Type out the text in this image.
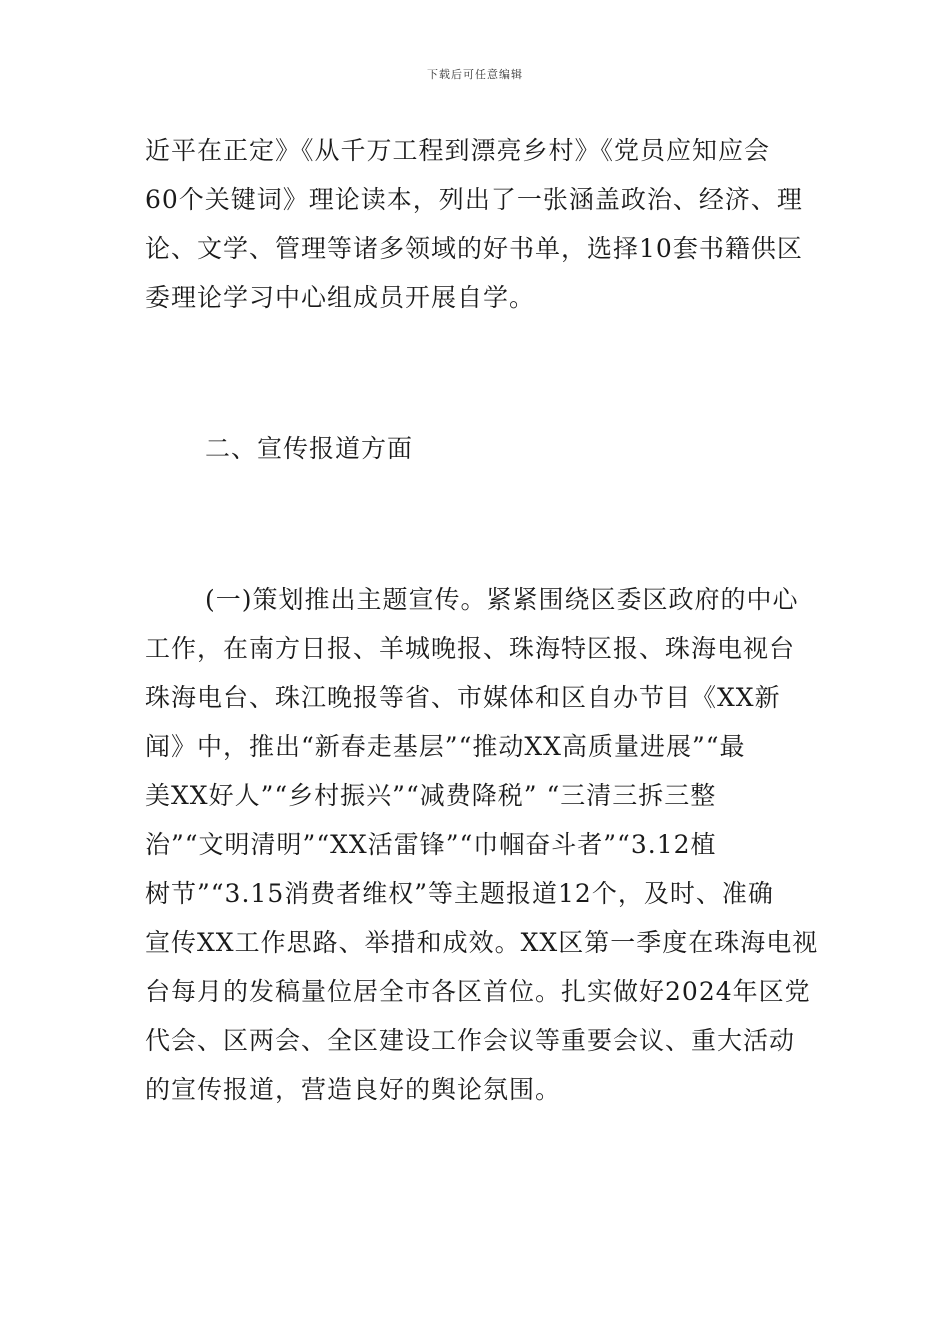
下载后可任意编辑
近平在正定》《从千万工程到漂亮乡村》《党员应知应会
60个关键词》理论读本，列出了一张涵盖政治、经济、理
论、文学、管理等诸多领域的好书单，选择10套书籍供区
委理论学习中心组成员开展自学。
二、宣传报道方面
(一)策划推出主题宣传。紧紧围绕区委区政府的中心
工作，在南方日报、羊城晚报、珠海特区报、珠海电视台
珠海电台、珠江晚报等省、市媒体和区自办节目《XX新
闻》中，推出“新春走基层”“推动XX高质量进展”“最
美XX好人”“乡村振兴”“减费降税” “三清三拆三整
治”“文明清明”“XX活雷锋”“巾帼奋斗者”“3.12植
树节”“3.15消费者维权”等主题报道12个，及时、准确
宣传XX工作思路、举措和成效。XX区第一季度在珠海电视
台每月的发稿量位居全市各区首位。扎实做好2024年区党
代会、区两会、全区建设工作会议等重要会议、重大活动
的宣传报道，营造良好的舆论氛围。
